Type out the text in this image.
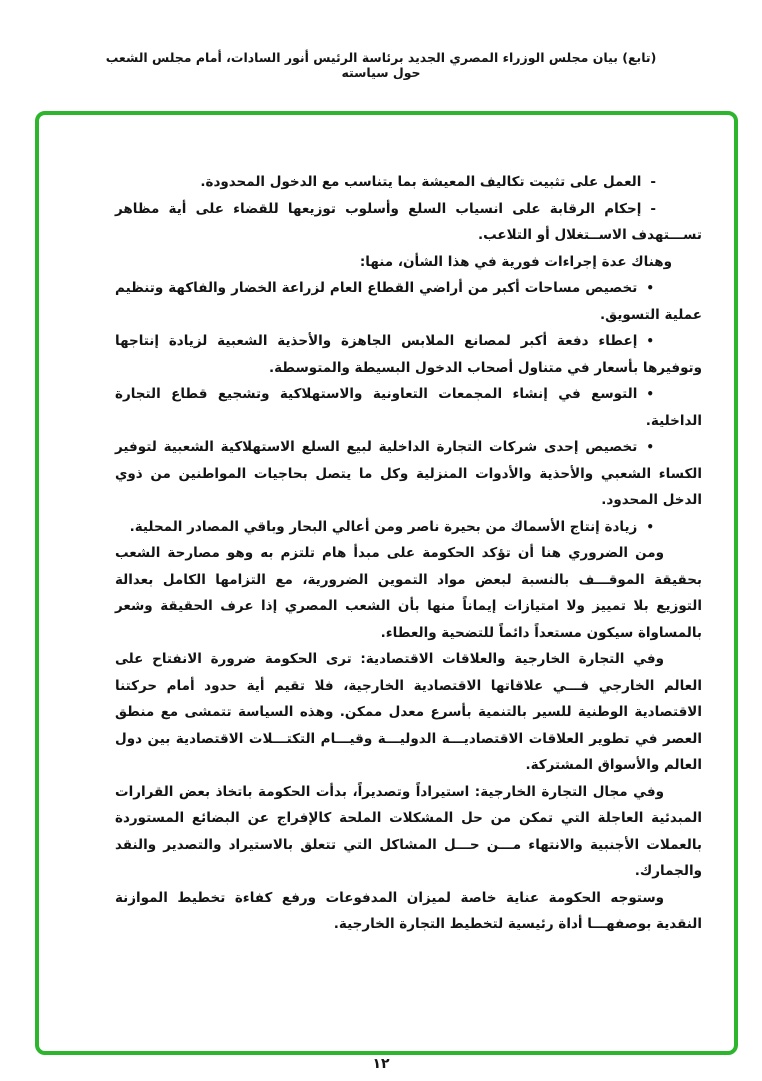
(تابع) بيان مجلس الوزراء المصري الجديد برئاسة الرئيس أنور السادات، أمام مجلس الشعب حول سياسته

-العمل على تثبيت تكاليف المعيشة بما يتناسب مع الدخول المحدودة.

-إحكام الرقابة على انسياب السلع وأسلوب توزيعها للقضاء على أية مظاهر تســـتهدف الاســتغلال أو التلاعب.

وهناك عدة إجراءات فورية في هذا الشأن، منها:

•تخصيص مساحات أكبر من أراضي القطاع العام لزراعة الخضار والفاكهة وتنظيم عملية التسويق.

•إعطاء دفعة أكبر لمصانع الملابس الجاهزة والأحذية الشعبية لزيادة إنتاجها وتوفيرها بأسعار في متناول أصحاب الدخول البسيطة والمتوسطة.

•التوسع في إنشاء المجمعات التعاونية والاستهلاكية وتشجيع قطاع التجارة الداخلية.

•تخصيص إحدى شركات التجارة الداخلية لبيع السلع الاستهلاكية الشعبية لتوفير الكساء الشعبي والأحذية والأدوات المنزلية وكل ما يتصل بحاجيات المواطنين من ذوي الدخل المحدود.

•زيادة إنتاج الأسماك من بحيرة ناصر ومن أعالي البحار وباقي المصادر المحلية.

ومن الضروري هنا أن تؤكد الحكومة على مبدأ هام تلتزم به وهو مصارحة الشعب بحقيقة الموقـــف بالنسبة لبعض مواد التموين الضرورية، مع التزامها الكامل بعدالة التوزيع بلا تمييز ولا امتيازات إيماناً منها بأن الشعب المصري إذا عرف الحقيقة وشعر بالمساواة سيكون مستعداً دائماً للتضحية والعطاء.

وفي التجارة الخارجية والعلاقات الاقتصادية: ترى الحكومة ضرورة الانفتاح على العالم الخارجي فـــي علاقاتها الاقتصادية الخارجية، فلا تقيم أية حدود أمام حركتنا الاقتصادية الوطنية للسير بالتنمية بأسرع معدل ممكن. وهذه السياسة تتمشى مع منطق العصر في تطوير العلاقات الاقتصاديـــة الدوليـــة وقيـــام التكتـــلات الاقتصادية بين دول العالم والأسواق المشتركة.

وفي مجال التجارة الخارجية: استيراداً وتصديراً، بدأت الحكومة باتخاذ بعض القرارات المبدئية العاجلة التي تمكن من حل المشكلات الملحة كالإفراج عن البضائع المستوردة بالعملات الأجنبية والانتهاء مـــن حـــل المشاكل التي تتعلق بالاستيراد والتصدير والنقد والجمارك.

وستوجه الحكومة عناية خاصة لميزان المدفوعات ورفع كفاءة تخطيط الموازنة النقدية بوصفهـــا أداة رئيسية لتخطيط التجارة الخارجية.

١٢
